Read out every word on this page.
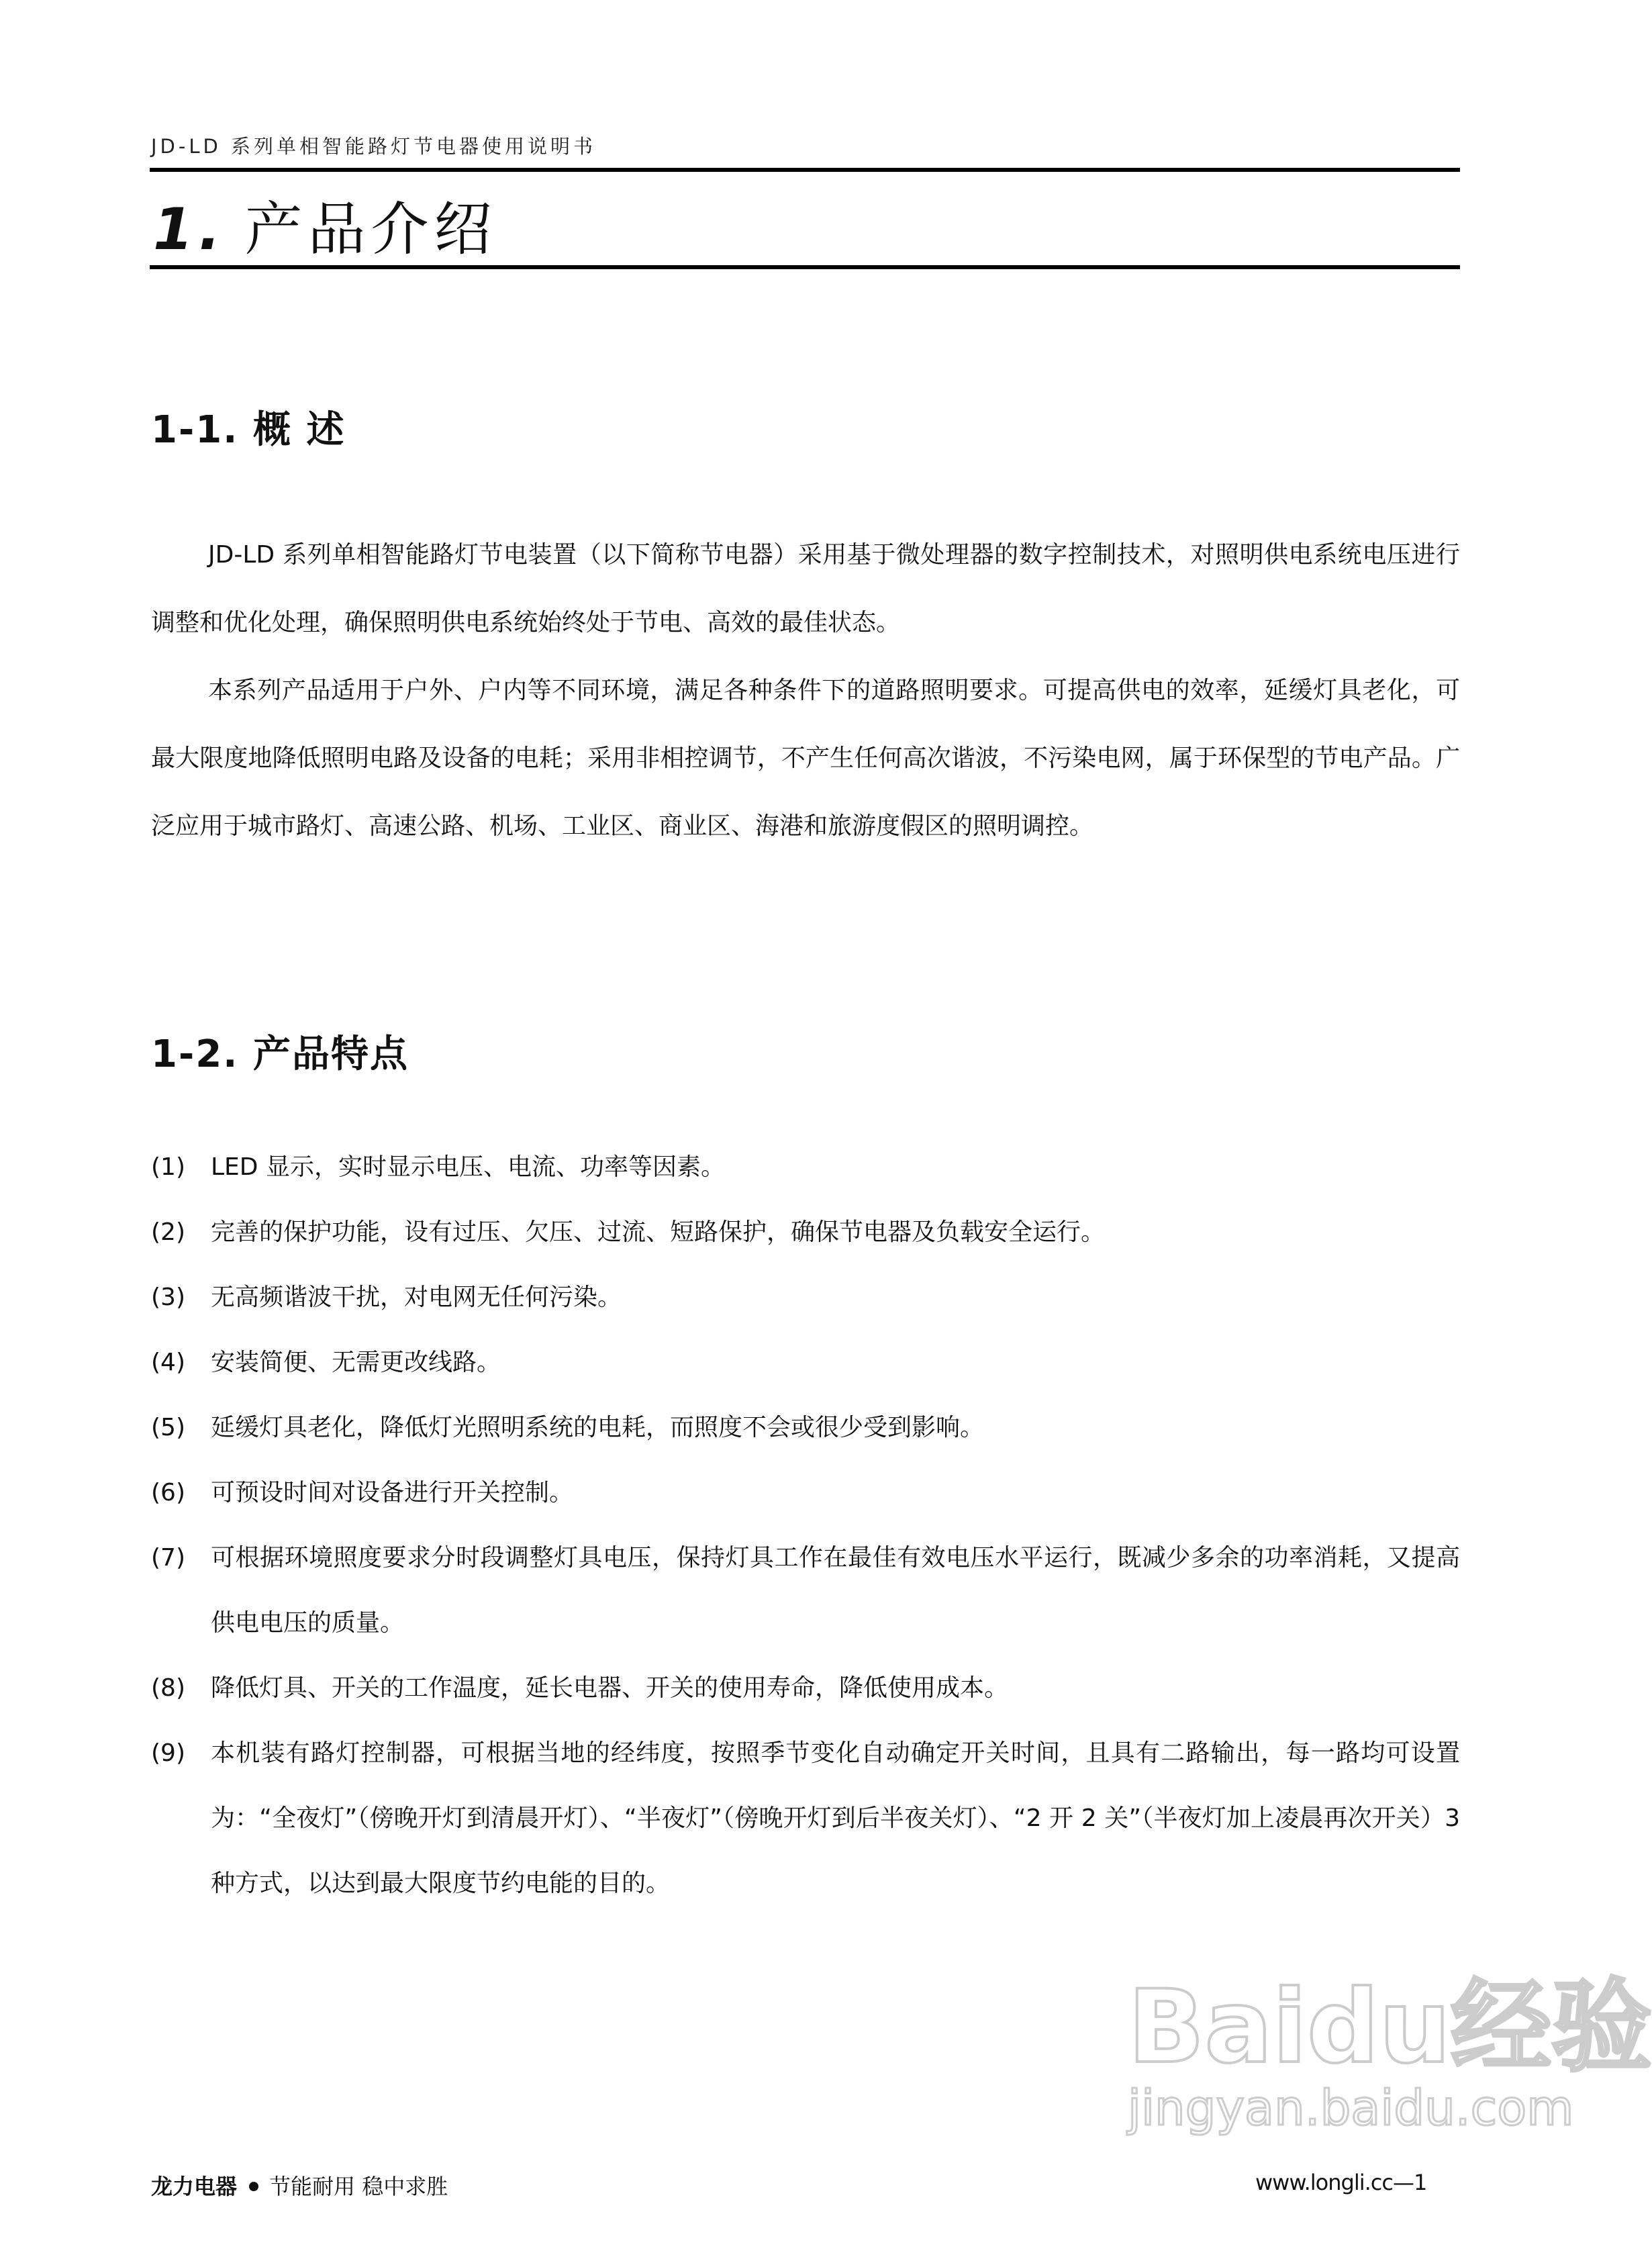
JD-LD 系列单相智能路灯节电器使用说明书
1. 产品介绍
1-1. 概 述
JD-LD 系列单相智能路灯节电装置（以下简称节电器）采用基于微处理器的数字控制技术，对照明供电系统电压进行调整和优化处理，确保照明供电系统始终处于节电、高效的最佳状态。
本系列产品适用于户外、户内等不同环境，满足各种条件下的道路照明要求。可提高供电的效率，延缓灯具老化，可最大限度地降低照明电路及设备的电耗；采用非相控调节，不产生任何高次谐波，不污染电网，属于环保型的节电产品。广泛应用于城市路灯、高速公路、机场、工业区、商业区、海港和旅游度假区的照明调控。
1-2. 产品特点
(1)	LED 显示，实时显示电压、电流、功率等因素。
(2)	完善的保护功能，设有过压、欠压、过流、短路保护，确保节电器及负载安全运行。
(3)	无高频谐波干扰，对电网无任何污染。
(4)	安装简便、无需更改线路。
(5)	延缓灯具老化，降低灯光照明系统的电耗，而照度不会或很少受到影响。
(6)	可预设时间对设备进行开关控制。
(7)	可根据环境照度要求分时段调整灯具电压，保持灯具工作在最佳有效电压水平运行，既减少多余的功率消耗，又提高供电电压的质量。
(8)	降低灯具、开关的工作温度，延长电器、开关的使用寿命，降低使用成本。
(9)	本机装有路灯控制器，可根据当地的经纬度，按照季节变化自动确定开关时间，且具有二路输出，每一路均可设置为：“全夜灯”（傍晚开灯到清晨开灯）、“半夜灯”（傍晚开灯到后半夜关灯）、“2 开 2 关”（半夜灯加上凌晨再次开关）3 种方式，以达到最大限度节约电能的目的。
Baidu经验
jingyan.baidu.com
龙力电器 节能耐用 稳中求胜	www.longli.cc—1
